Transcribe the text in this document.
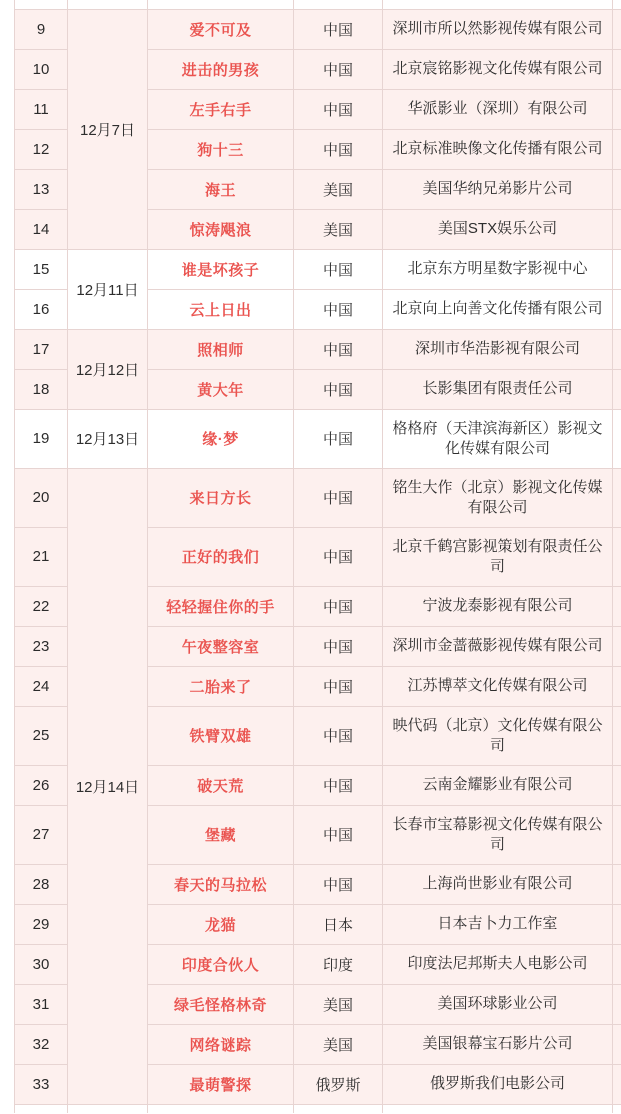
9	12月7日	爱不可及	中国	深圳市所以然影视传媒有限公司	
10		进击的男孩	中国	北京宸铭影视文化传媒有限公司	
11		左手右手	中国	华派影业（深圳）有限公司	
12		狗十三	中国	北京标准映像文化传播有限公司	
13		海王	美国	美国华纳兄弟影片公司	
14		惊涛飓浪	美国	美国STX娱乐公司	
15	12月11日	谁是坏孩子	中国	北京东方明星数字影视中心	
16		云上日出	中国	北京向上向善文化传播有限公司	
17	12月12日	照相师	中国	深圳市华浩影视有限公司	
18		黄大年	中国	长影集团有限责任公司	
19	12月13日	缘·梦	中国	格格府（天津滨海新区）影视文化传媒有限公司	
20	12月14日	来日方长	中国	铭生大作（北京）影视文化传媒有限公司	
21		正好的我们	中国	北京千鹤宫影视策划有限责任公司	
22		轻轻握住你的手	中国	宁波龙泰影视有限公司	
23		午夜整容室	中国	深圳市金蔷薇影视传媒有限公司	
24		二胎来了	中国	江苏博萃文化传媒有限公司	
25		铁臂双雄	中国	映代码（北京）文化传媒有限公司	
26		破天荒	中国	云南金耀影业有限公司	
27		堡藏	中国	长春市宝幕影视文化传媒有限公司	
28		春天的马拉松	中国	上海尚世影业有限公司	
29		龙猫	日本	日本吉卜力工作室	
30		印度合伙人	印度	印度法尼邦斯夫人电影公司	
31		绿毛怪格林奇	美国	美国环球影业公司	
32		网络谜踪	美国	美国银幕宝石影片公司	
33		最萌警探	俄罗斯	俄罗斯我们电影公司	
